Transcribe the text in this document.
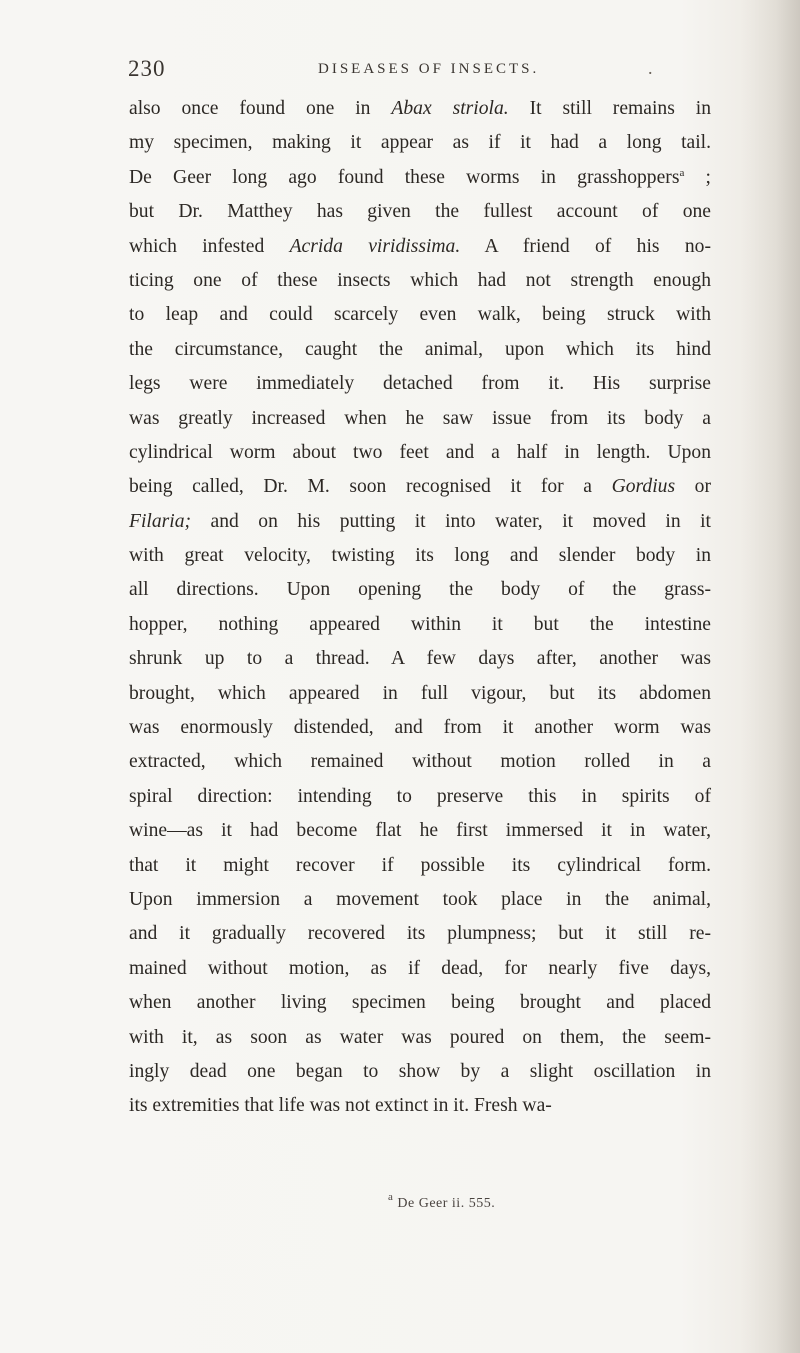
230	DISEASES OF INSECTS.	.
also once found one in Abax striola. It still remains in
my specimen, making it appear as if it had a long tail.
De Geer long ago found these worms in grasshoppers$^a$ ;
but Dr. Matthey has given the fullest account of one
which infested Acrida viridissima. A friend of his no-
ticing one of these insects which had not strength enough
to leap and could scarcely even walk, being struck with
the circumstance, caught the animal, upon which its hind
legs were immediately detached from it. His surprise
was greatly increased when he saw issue from its body a
cylindrical worm about two feet and a half in length. Upon
being called, Dr. M. soon recognised it for a Gordius or
Filaria; and on his putting it into water, it moved in it
with great velocity, twisting its long and slender body in
all directions. Upon opening the body of the grass-
hopper, nothing appeared within it but the intestine
shrunk up to a thread. A few days after, another was
brought, which appeared in full vigour, but its abdomen
was enormously distended, and from it another worm was
extracted, which remained without motion rolled in a
spiral direction: intending to preserve this in spirits of
wine—as it had become flat he first immersed it in water,
that it might recover if possible its cylindrical form.
Upon immersion a movement took place in the animal,
and it gradually recovered its plumpness; but it still re-
mained without motion, as if dead, for nearly five days,
when another living specimen being brought and placed
with it, as soon as water was poured on them, the seem-
ingly dead one began to show by a slight oscillation in
its extremities that life was not extinct in it. Fresh wa-
$^a$ De Geer ii. 555.
